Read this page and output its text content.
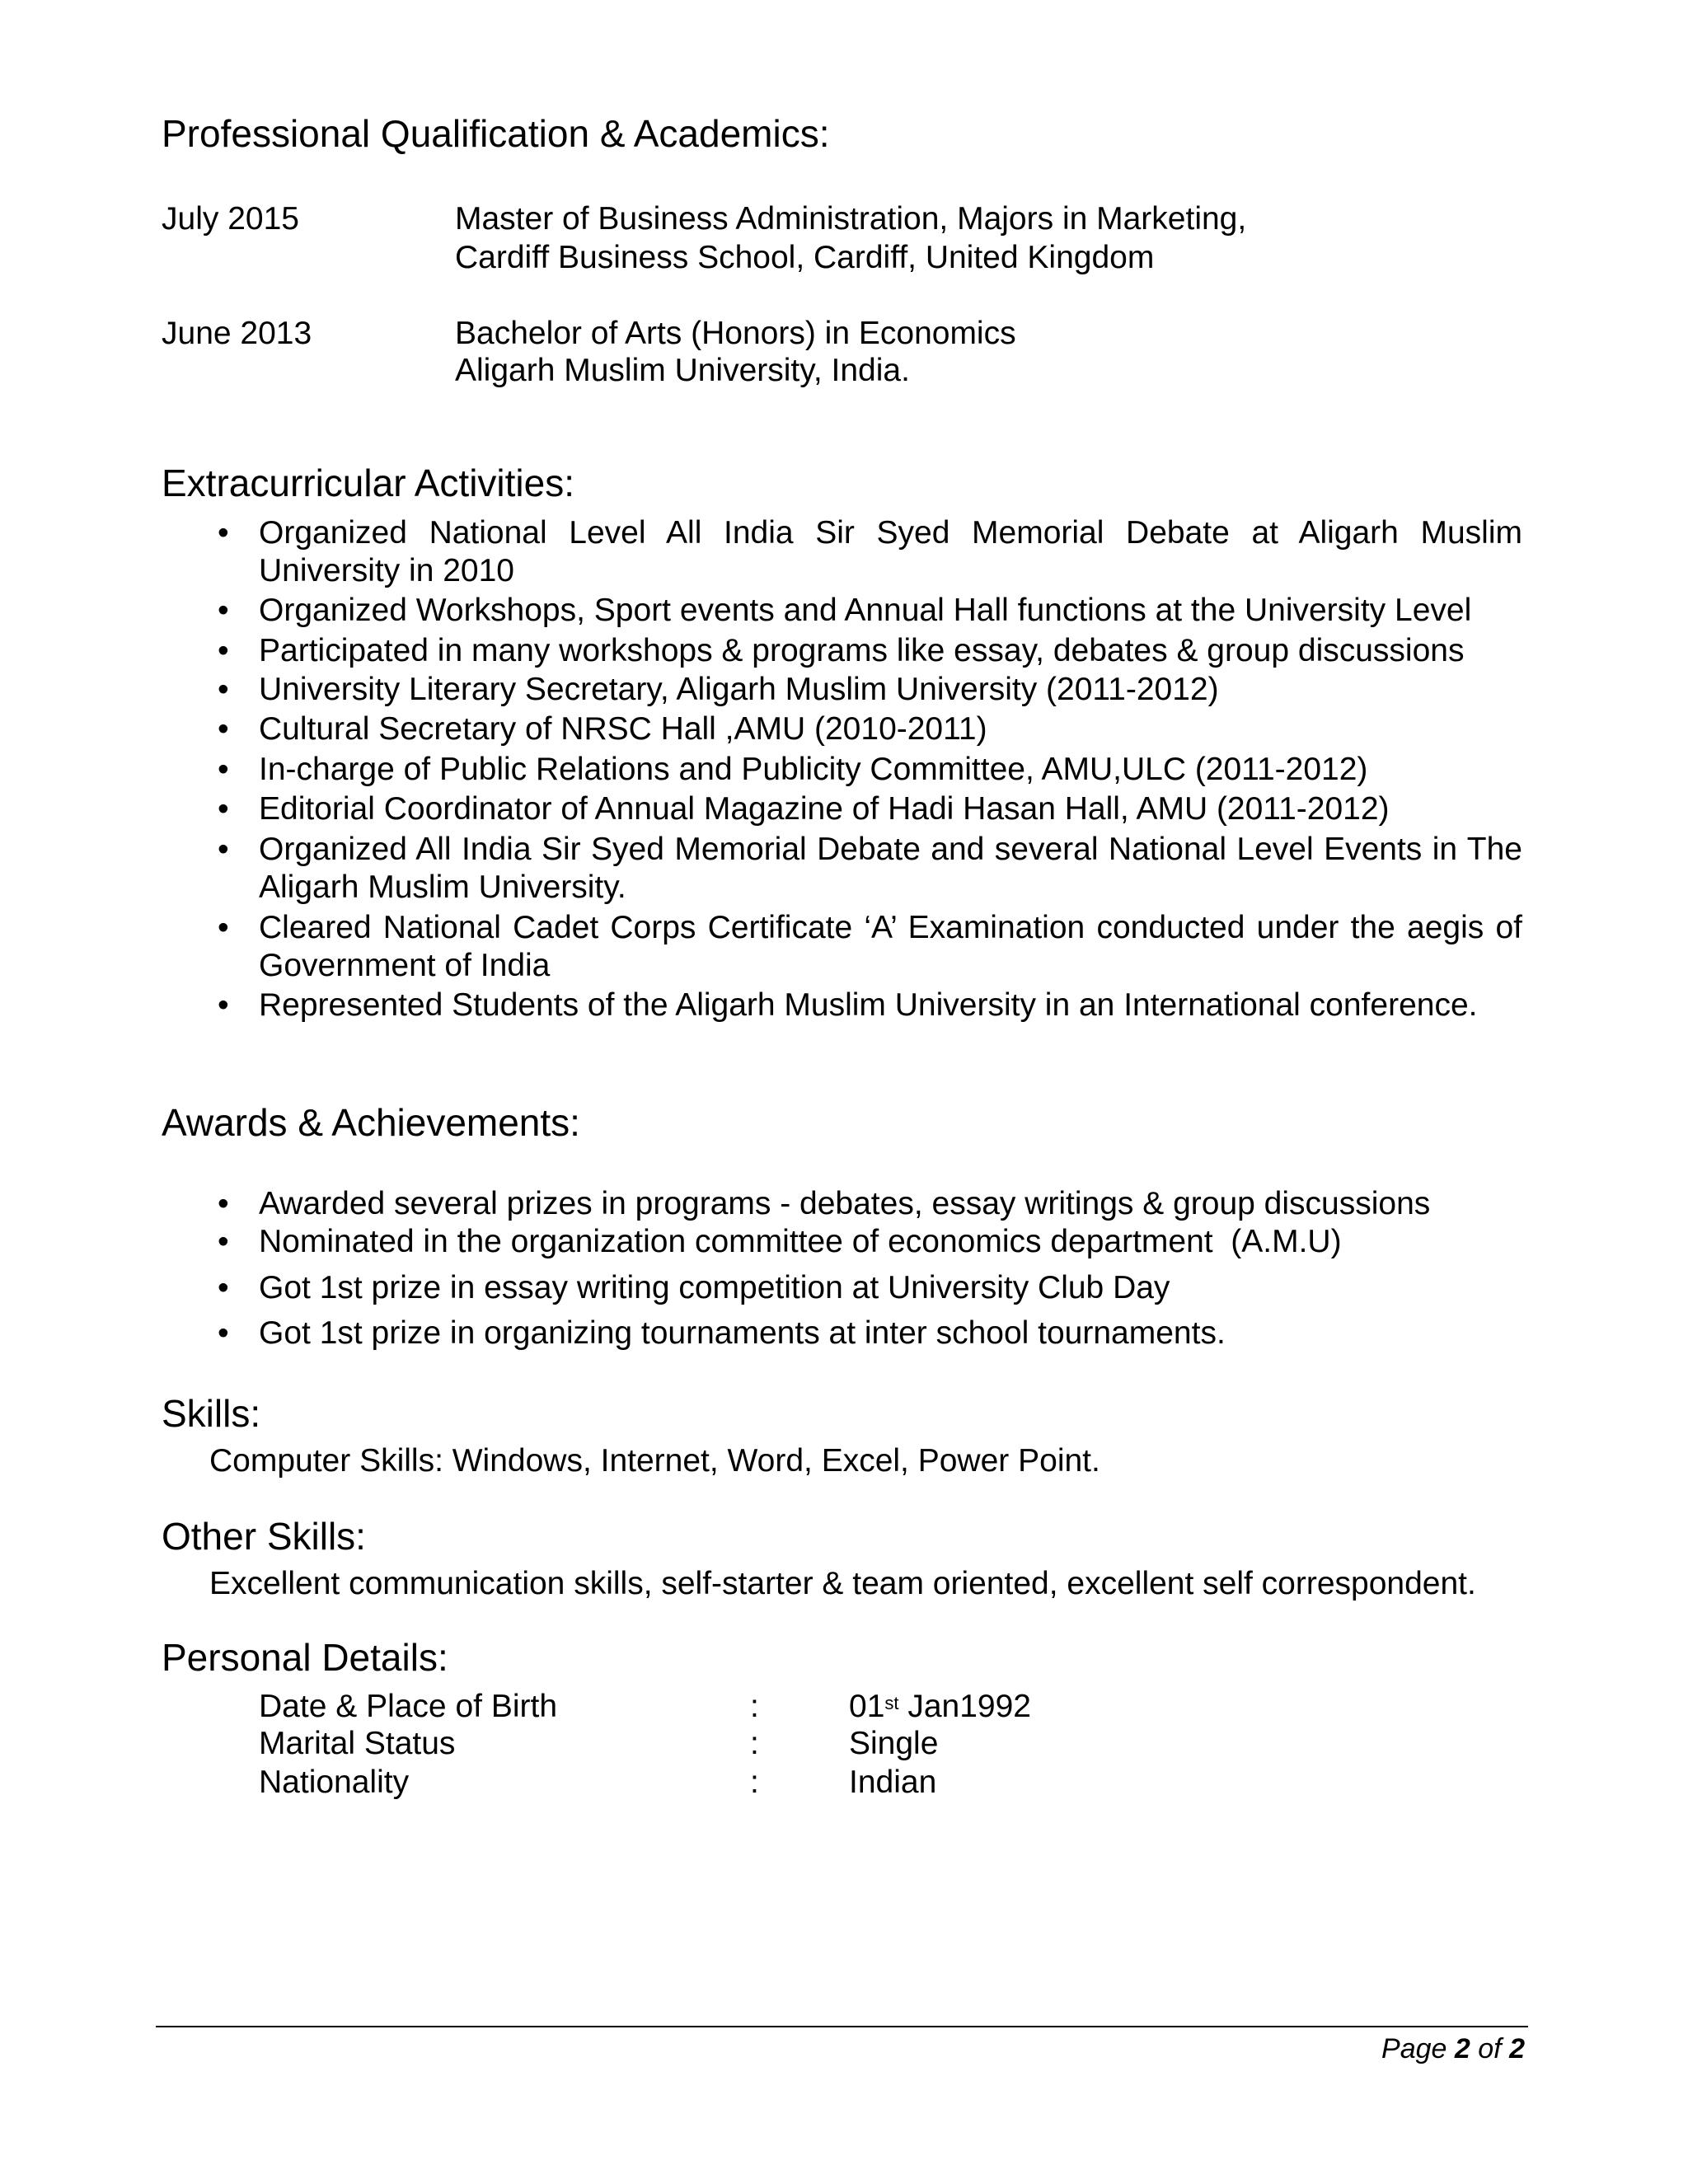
Professional Qualification & Academics:
July 2015	Master of Business Administration, Majors in Marketing,
Cardiff Business School, Cardiff, United Kingdom
June 2013	Bachelor of Arts (Honors) in Economics
Aligarh Muslim University, India.
Extracurricular Activities:
• Organized National Level All India Sir Syed Memorial Debate at Aligarh Muslim University in 2010
• Organized Workshops, Sport events and Annual Hall functions at the University Level
• Participated in many workshops & programs like essay, debates & group discussions
• University Literary Secretary, Aligarh Muslim University (2011-2012)
• Cultural Secretary of NRSC Hall ,AMU (2010-2011)
• In-charge of Public Relations and Publicity Committee, AMU,ULC (2011-2012)
• Editorial Coordinator of Annual Magazine of Hadi Hasan Hall, AMU (2011-2012)
• Organized All India Sir Syed Memorial Debate and several National Level Events in The Aligarh Muslim University.
• Cleared National Cadet Corps Certificate ‘A’ Examination conducted under the aegis of Government of India
• Represented Students of the Aligarh Muslim University in an International conference.
Awards & Achievements:
• Awarded several prizes in programs - debates, essay writings & group discussions
• Nominated in the organization committee of economics department  (A.M.U)
• Got 1st prize in essay writing competition at University Club Day
• Got 1st prize in organizing tournaments at inter school tournaments.
Skills:
Computer Skills: Windows, Internet, Word, Excel, Power Point.
Other Skills:
Excellent communication skills, self-starter & team oriented, excellent self correspondent.
Personal Details:
Date & Place of Birth	:	01st Jan1992
Marital Status	:	Single
Nationality	:	Indian
Page 2 of 2
